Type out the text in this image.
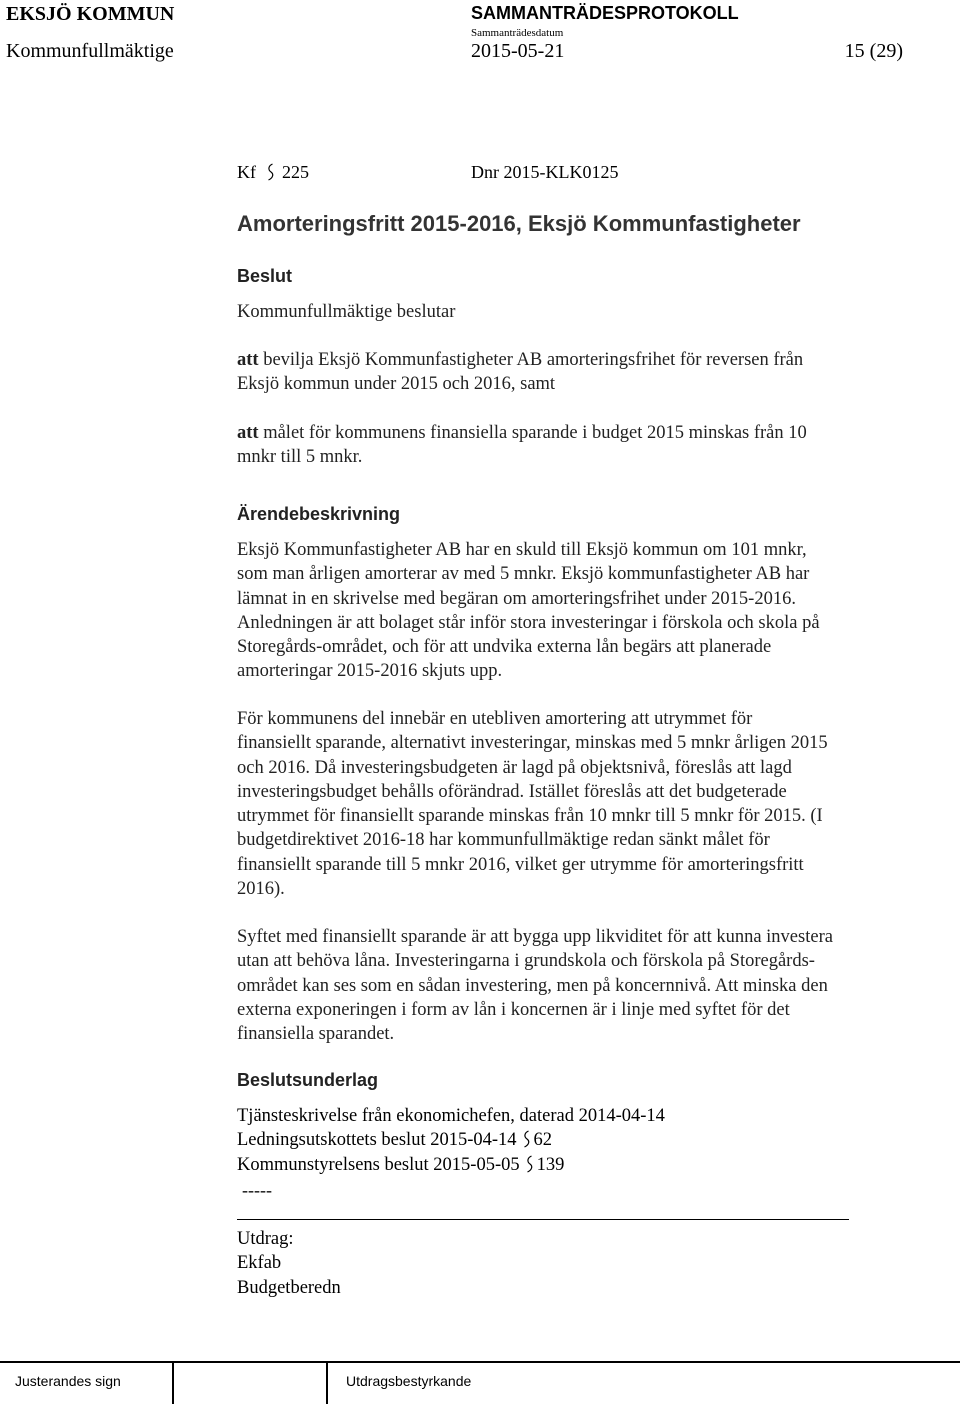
EKSJÖ KOMMUN	SAMMANTRÄDESPROTOKOLL
Sammanträdesdatum
Kommunfullmäktige	2015-05-21	15 (29)
Kf 225	Dnr 2015-KLK0125
Amorteringsfritt 2015-2016, Eksjö Kommunfastigheter
Beslut
Kommunfullmäktige beslutar
att bevilja Eksjö Kommunfastigheter AB amorteringsfrihet för reversen från
Eksjö kommun under 2015 och 2016, samt
att målet för kommunens finansiella sparande i budget 2015 minskas från 10
mnkr till 5 mnkr.
Ärendebeskrivning
Eksjö Kommunfastigheter AB har en skuld till Eksjö kommun om 101 mnkr,
som man årligen amorterar av med 5 mnkr. Eksjö kommunfastigheter AB har
lämnat in en skrivelse med begäran om amorteringsfrihet under 2015-2016.
Anledningen är att bolaget står inför stora investeringar i förskola och skola på
Storegårds-området, och för att undvika externa lån begärs att planerade
amorteringar 2015-2016 skjuts upp.
För kommunens del innebär en utebliven amortering att utrymmet för
finansiellt sparande, alternativt investeringar, minskas med 5 mnkr årligen 2015
och 2016. Då investeringsbudgeten är lagd på objektsnivå, föreslås att lagd
investeringsbudget behålls oförändrad. Istället föreslås att det budgeterade
utrymmet för finansiellt sparande minskas från 10 mnkr till 5 mnkr för 2015. (I
budgetdirektivet 2016-18 har kommunfullmäktige redan sänkt målet för
finansiellt sparande till 5 mnkr 2016, vilket ger utrymme för amorteringsfritt
2016).
Syftet med finansiellt sparande är att bygga upp likviditet för att kunna investera
utan att behöva låna. Investeringarna i grundskola och förskola på Storegårds-
området kan ses som en sådan investering, men på koncernnivå. Att minska den
externa exponeringen i form av lån i koncernen är i linje med syftet för det
finansiella sparandet.
Beslutsunderlag
Tjänsteskrivelse från ekonomichefen, daterad 2014-04-14
Ledningsutskottets beslut 2015-04-14 62
Kommunstyrelsens beslut 2015-05-05 139
-----
Utdrag:
Ekfab
Budgetberedn
Justerandes sign	Utdragsbestyrkande
